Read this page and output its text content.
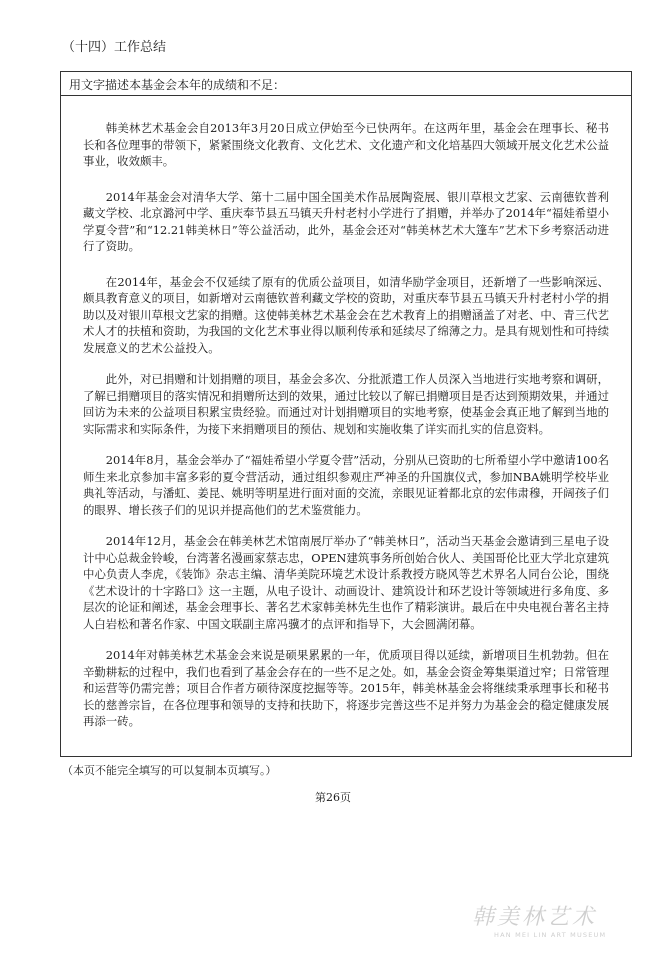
（十四）工作总结
用文字描述本基金会本年的成绩和不足：

韩美林艺术基金会自2013年3月20日成立伊始至今已快两年。在这两年里，基金会在理事长、秘书长和各位理事的带领下，紧紧围绕文化教育、文化艺术、文化遗产和文化培基四大领域开展文化艺术公益事业，收效颇丰。

2014年基金会对清华大学、第十二届中国全国美术作品展陶瓷展、银川草根文艺家、云南德钦普利藏文学校、北京潞河中学、重庆奉节县五马镇天升村老村小学进行了捐赠，并举办了2014年“福娃希望小学夏令营”和“12.21韩美林日”等公益活动，此外，基金会还对“韩美林艺术大篷车”艺术下乡考察活动进行了资助。

在2014年，基金会不仅延续了原有的优质公益项目，如清华励学金项目，还新增了一些影响深远、颇具教育意义的项目，如新增对云南德钦普利藏文学校的资助，对重庆奉节县五马镇天升村老村小学的捐助以及对银川草根文艺家的捐赠。这使韩美林艺术基金会在艺术教育上的捐赠涵盖了对老、中、青三代艺术人才的扶植和资助，为我国的文化艺术事业得以顺利传承和延续尽了绵薄之力。是具有规划性和可持续发展意义的艺术公益投入。

此外，对已捐赠和计划捐赠的项目，基金会多次、分批派遣工作人员深入当地进行实地考察和调研，了解已捐赠项目的落实情况和捐赠所达到的效果，通过比较以了解已捐赠项目是否达到预期效果，并通过回访为未来的公益项目积累宝贵经验。而通过对计划捐赠项目的实地考察，使基金会真正地了解到当地的实际需求和实际条件，为接下来捐赠项目的预估、规划和实施收集了详实而扎实的信息资料。

2014年8月，基金会举办了“福娃希望小学夏令营”活动，分别从已资助的七所希望小学中邀请100名师生来北京参加丰富多彩的夏令营活动，通过组织参观庄严神圣的升国旗仪式，参加NBA姚明学校毕业典礼等活动，与潘虹、姜昆、姚明等明星进行面对面的交流，亲眼见证着都北京的宏伟肃穆，开阔孩子们的眼界、增长孩子们的见识并提高他们的艺术鉴赏能力。

2014年12月，基金会在韩美林艺术馆南展厅举办了“韩美林日”，活动当天基金会邀请到三星电子设计中心总裁金铃峻，台湾著名漫画家蔡志忠，OPEN建筑事务所创始合伙人、美国哥伦比亚大学北京建筑中心负责人李虎，《装饰》杂志主编、清华美院环境艺术设计系教授方晓风等艺术界名人同台公论，围绕《艺术设计的十字路口》这一主题，从电子设计、动画设计、建筑设计和环艺设计等领域进行多角度、多层次的论证和阐述，基金会理事长、著名艺术家韩美林先生也作了精彩演讲。最后在中央电视台著名主持人白岩松和著名作家、中国文联副主席冯骥才的点评和指导下，大会圆满闭幕。

2014年对韩美林艺术基金会来说是硕果累累的一年，优质项目得以延续，新增项目生机勃勃。但在辛勤耕耘的过程中，我们也看到了基金会存在的一些不足之处。如，基金会资金筹集渠道过窄；日常管理和运营等仍需完善；项目合作者方硕待深度挖掘等等。2015年，韩美林基金会将继续秉承理事长和秘书长的慈善宗旨，在各位理事和领导的支持和扶助下，将逐步完善这些不足并努力为基金会的稳定健康发展再添一砖。

（本页不能完全填写的可以复制本页填写。）
第26页
韩美林艺术
HAN MEI LIN ART MUSEUM
